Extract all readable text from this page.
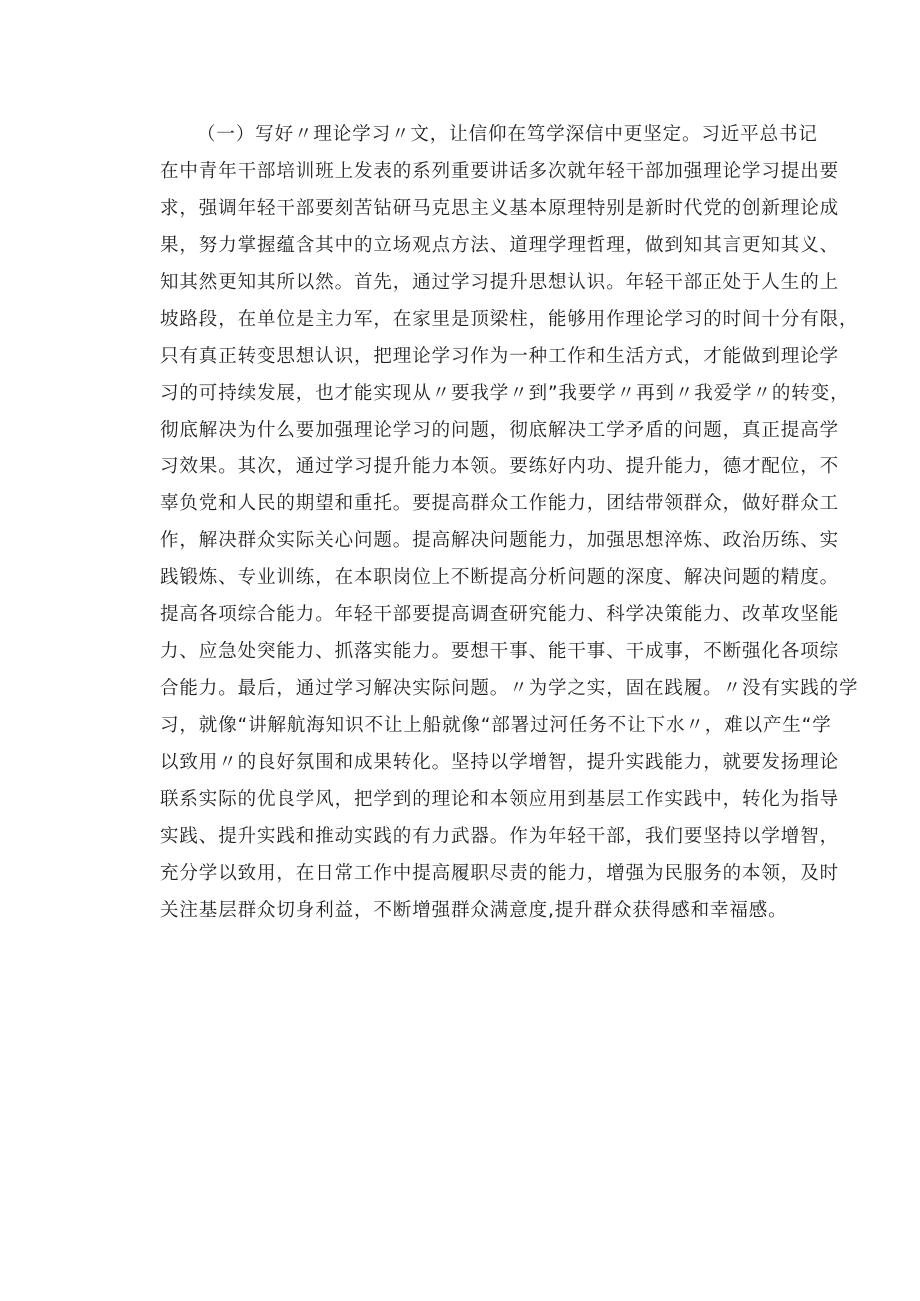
（一）写好〃理论学习〃文，让信仰在笃学深信中更坚定。习近平总书记
在中青年干部培训班上发表的系列重要讲话多次就年轻干部加强理论学习提出要
求，强调年轻干部要刻苦钻研马克思主义基本原理特别是新时代党的创新理论成
果，努力掌握蕴含其中的立场观点方法、道理学理哲理，做到知其言更知其义、
知其然更知其所以然。首先，通过学习提升思想认识。年轻干部正处于人生的上
坡路段，在单位是主力军，在家里是顶梁柱，能够用作理论学习的时间十分有限，
只有真正转变思想认识，把理论学习作为一种工作和生活方式，才能做到理论学
习的可持续发展，也才能实现从〃要我学〃到”我要学〃再到〃我爱学〃的转变，
彻底解决为什么要加强理论学习的问题，彻底解决工学矛盾的问题，真正提高学
习效果。其次，通过学习提升能力本领。要练好内功、提升能力，德才配位，不
辜负党和人民的期望和重托。要提高群众工作能力，团结带领群众，做好群众工
作，解决群众实际关心问题。提高解决问题能力，加强思想淬炼、政治历练、实
践锻炼、专业训练，在本职岗位上不断提高分析问题的深度、解决问题的精度。
提高各项综合能力。年轻干部要提高调查研究能力、科学决策能力、改革攻坚能
力、应急处突能力、抓落实能力。要想干事、能干事、干成事，不断强化各项综
合能力。最后，通过学习解决实际问题。〃为学之实，固在践履。〃没有实践的学
习，就像“讲解航海知识不让上船就像“部署过河任务不让下水〃，难以产生“学
以致用〃的良好氛围和成果转化。坚持以学增智，提升实践能力，就要发扬理论
联系实际的优良学风，把学到的理论和本领应用到基层工作实践中，转化为指导
实践、提升实践和推动实践的有力武器。作为年轻干部，我们要坚持以学增智，
充分学以致用，在日常工作中提高履职尽责的能力，增强为民服务的本领，及时
关注基层群众切身利益，不断增强群众满意度,提升群众获得感和幸福感。
